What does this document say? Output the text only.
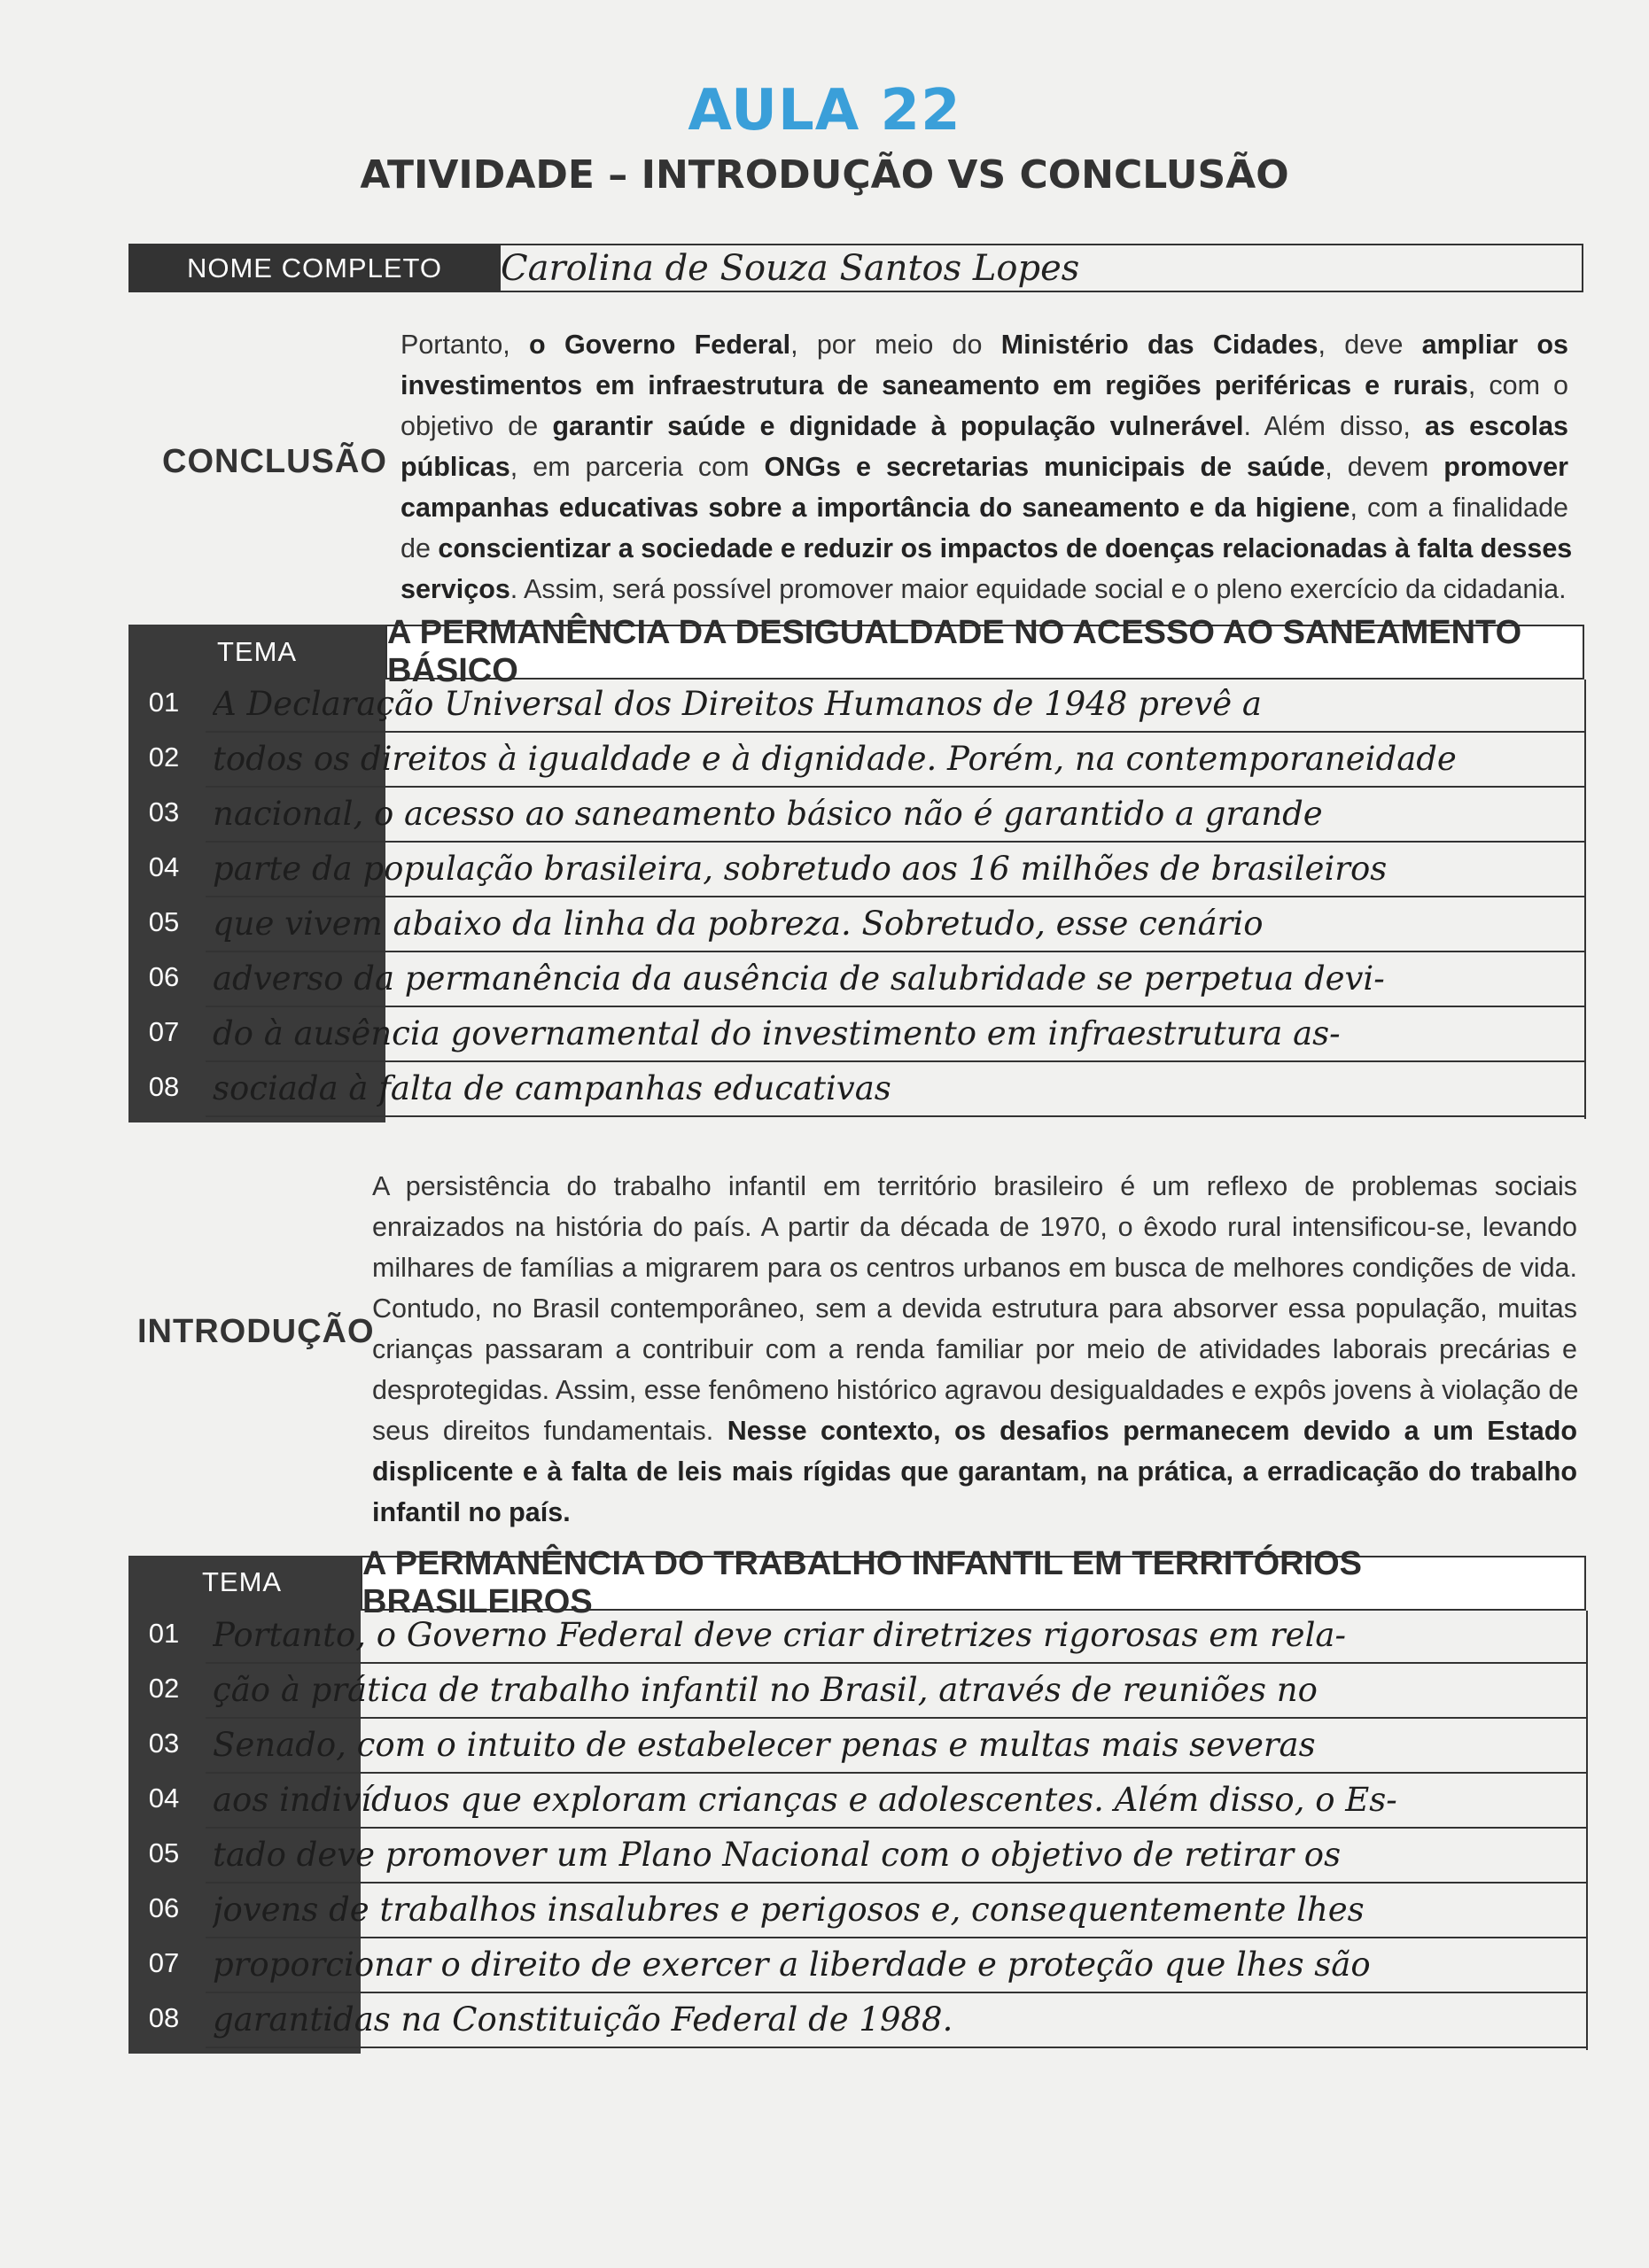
AULA 22
ATIVIDADE – INTRODUÇÃO VS CONCLUSÃO
NOME COMPLETO	Carolina de Souza Santos Lopes
CONCLUSÃO
Portanto, o Governo Federal, por meio do Ministério das Cidades, deve ampliar os
investimentos em infraestrutura de saneamento em regiões periféricas e rurais, com o
objetivo de garantir saúde e dignidade à população vulnerável. Além disso, as escolas
públicas, em parceria com ONGs e secretarias municipais de saúde, devem promover
campanhas educativas sobre a importância do saneamento e da higiene, com a finalidade
de conscientizar a sociedade e reduzir os impactos de doenças relacionadas à falta desses
serviços. Assim, será possível promover maior equidade social e o pleno exercício da cidadania.
TEMA
A PERMANÊNCIA DA DESIGUALDADE NO ACESSO AO SANEAMENTO BÁSICO
01	A Declaração Universal dos Direitos Humanos de 1948 prevê a
02	todos os direitos à igualdade e à dignidade. Porém, na contemporaneidade
03	nacional, o acesso ao saneamento básico não é garantido a grande
04	parte da população brasileira, sobretudo aos 16 milhões de brasileiros
05	que vivem abaixo da linha da pobreza. Sobretudo, esse cenário
06	adverso da permanência da ausência de salubridade se perpetua devi-
07	do à ausência governamental do investimento em infraestrutura as-
08	sociada à falta de campanhas educativas
INTRODUÇÃO
A persistência do trabalho infantil em território brasileiro é um reflexo de problemas sociais
enraizados na história do país. A partir da década de 1970, o êxodo rural intensificou-se, levando
milhares de famílias a migrarem para os centros urbanos em busca de melhores condições de vida.
Contudo, no Brasil contemporâneo, sem a devida estrutura para absorver essa população, muitas
crianças passaram a contribuir com a renda familiar por meio de atividades laborais precárias e
desprotegidas. Assim, esse fenômeno histórico agravou desigualdades e expôs jovens à violação de
seus direitos fundamentais. Nesse contexto, os desafios permanecem devido a um Estado
displicente e à falta de leis mais rígidas que garantam, na prática, a erradicação do trabalho
infantil no país.
TEMA A PERMANÊNCIA DO TRABALHO INFANTIL EM TERRITÓRIOS BRASILEIROS
01	Portanto, o Governo Federal deve criar diretrizes rigorosas em rela-
02	ção à prática de trabalho infantil no Brasil, através de reuniões no
03	Senado, com o intuito de estabelecer penas e multas mais severas
04	aos indivíduos que exploram crianças e adolescentes. Além disso, o Es-
05	tado deve promover um Plano Nacional com o objetivo de retirar os
06	jovens de trabalhos insalubres e perigosos e, consequentemente lhes
07	proporcionar o direito de exercer a liberdade e proteção que lhes são
08	garantidas na Constituição Federal de 1988.
